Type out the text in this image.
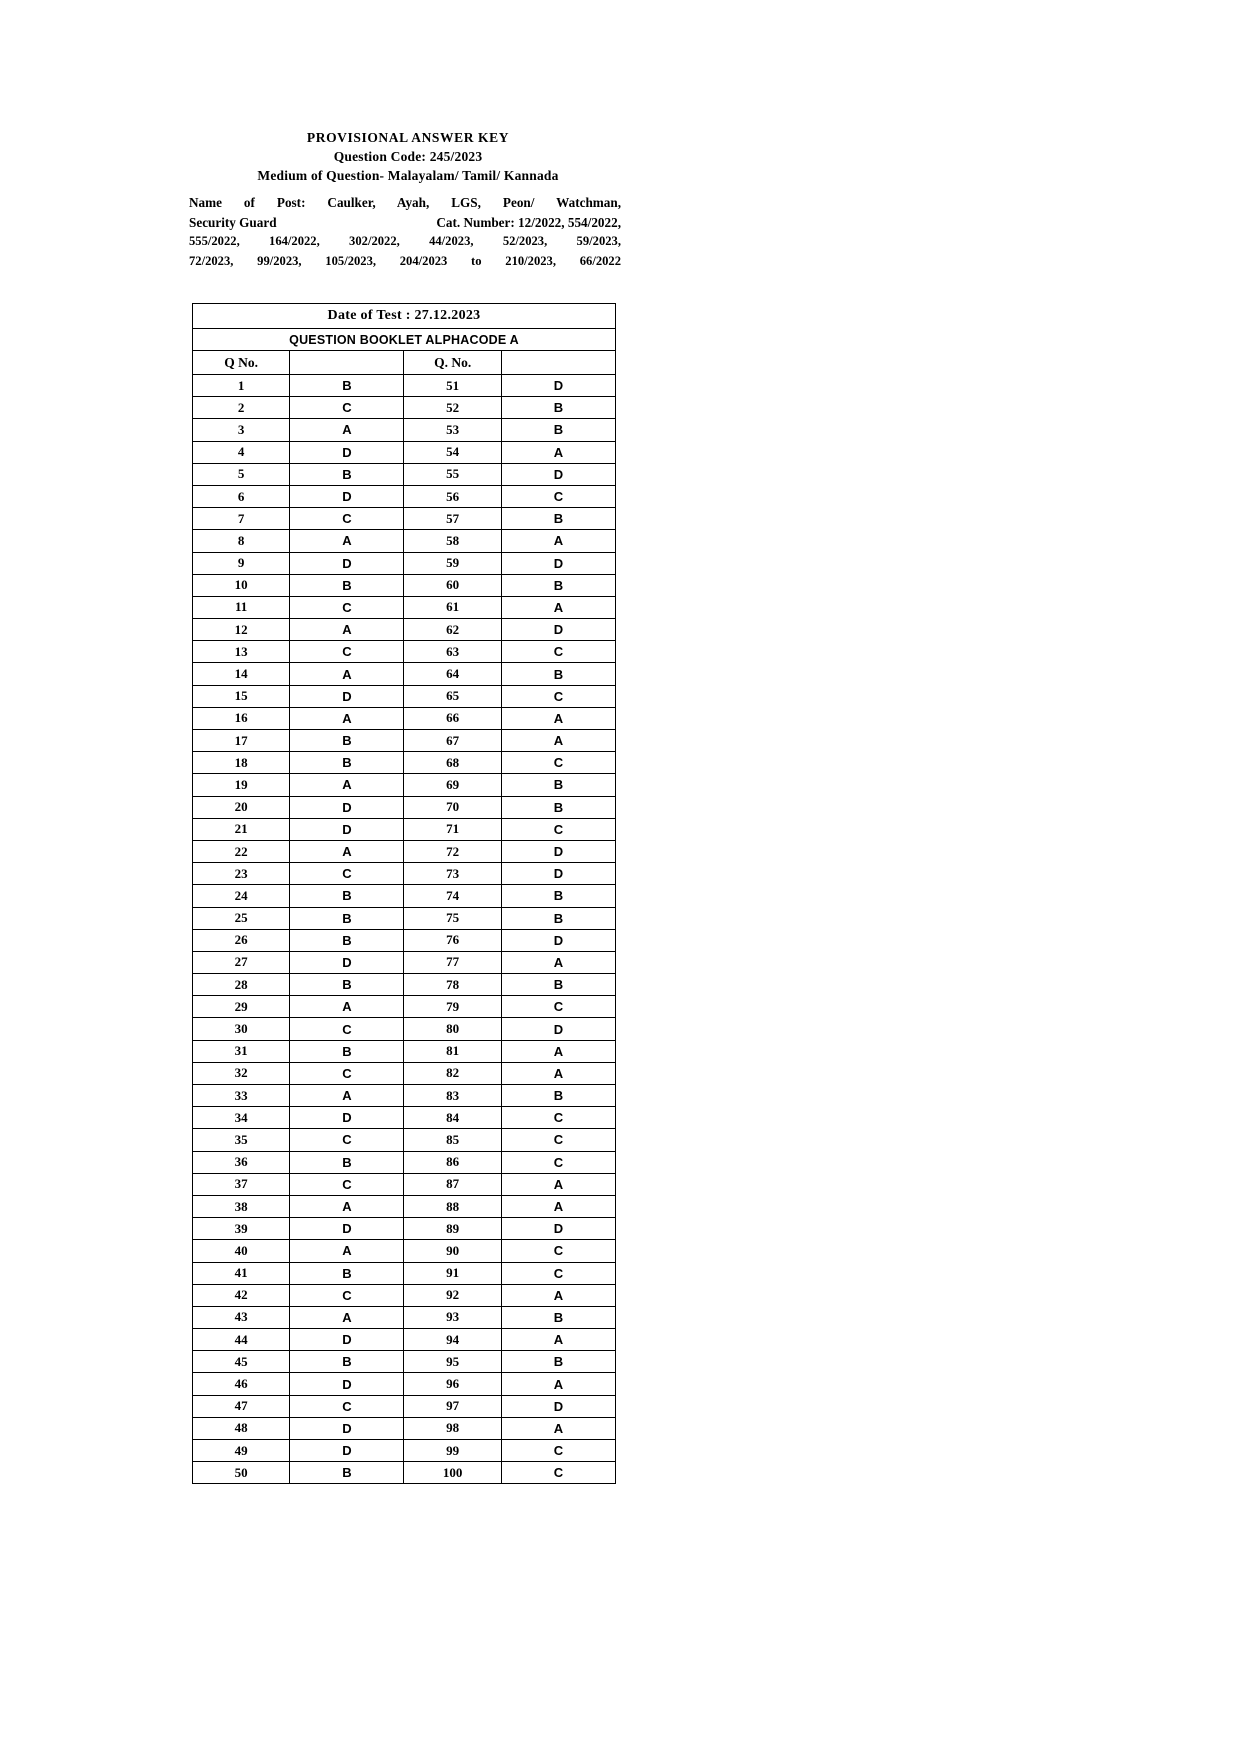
PROVISIONAL ANSWER KEY
Question Code: 245/2023
Medium of Question- Malayalam/ Tamil/ Kannada
Name of Post: Caulker, Ayah, LGS, Peon/ Watchman,
Security Guard	Cat. Number: 12/2022, 554/2022,
555/2022, 164/2022, 302/2022, 44/2023, 52/2023, 59/2023,
72/2023, 99/2023, 105/2023, 204/2023 to 210/2023, 66/2022
Date of Test : 27.12.2023			
QUESTION BOOKLET ALPHACODE A			
Q No.		Q. No.	
1	B	51	D
2	C	52	B
3	A	53	B
4	D	54	A
5	B	55	D
6	D	56	C
7	C	57	B
8	A	58	A
9	D	59	D
10	B	60	B
11	C	61	A
12	A	62	D
13	C	63	C
14	A	64	B
15	D	65	C
16	A	66	A
17	B	67	A
18	B	68	C
19	A	69	B
20	D	70	B
21	D	71	C
22	A	72	D
23	C	73	D
24	B	74	B
25	B	75	B
26	B	76	D
27	D	77	A
28	B	78	B
29	A	79	C
30	C	80	D
31	B	81	A
32	C	82	A
33	A	83	B
34	D	84	C
35	C	85	C
36	B	86	C
37	C	87	A
38	A	88	A
39	D	89	D
40	A	90	C
41	B	91	C
42	C	92	A
43	A	93	B
44	D	94	A
45	B	95	B
46	D	96	A
47	C	97	D
48	D	98	A
49	D	99	C
50	B	100	C
